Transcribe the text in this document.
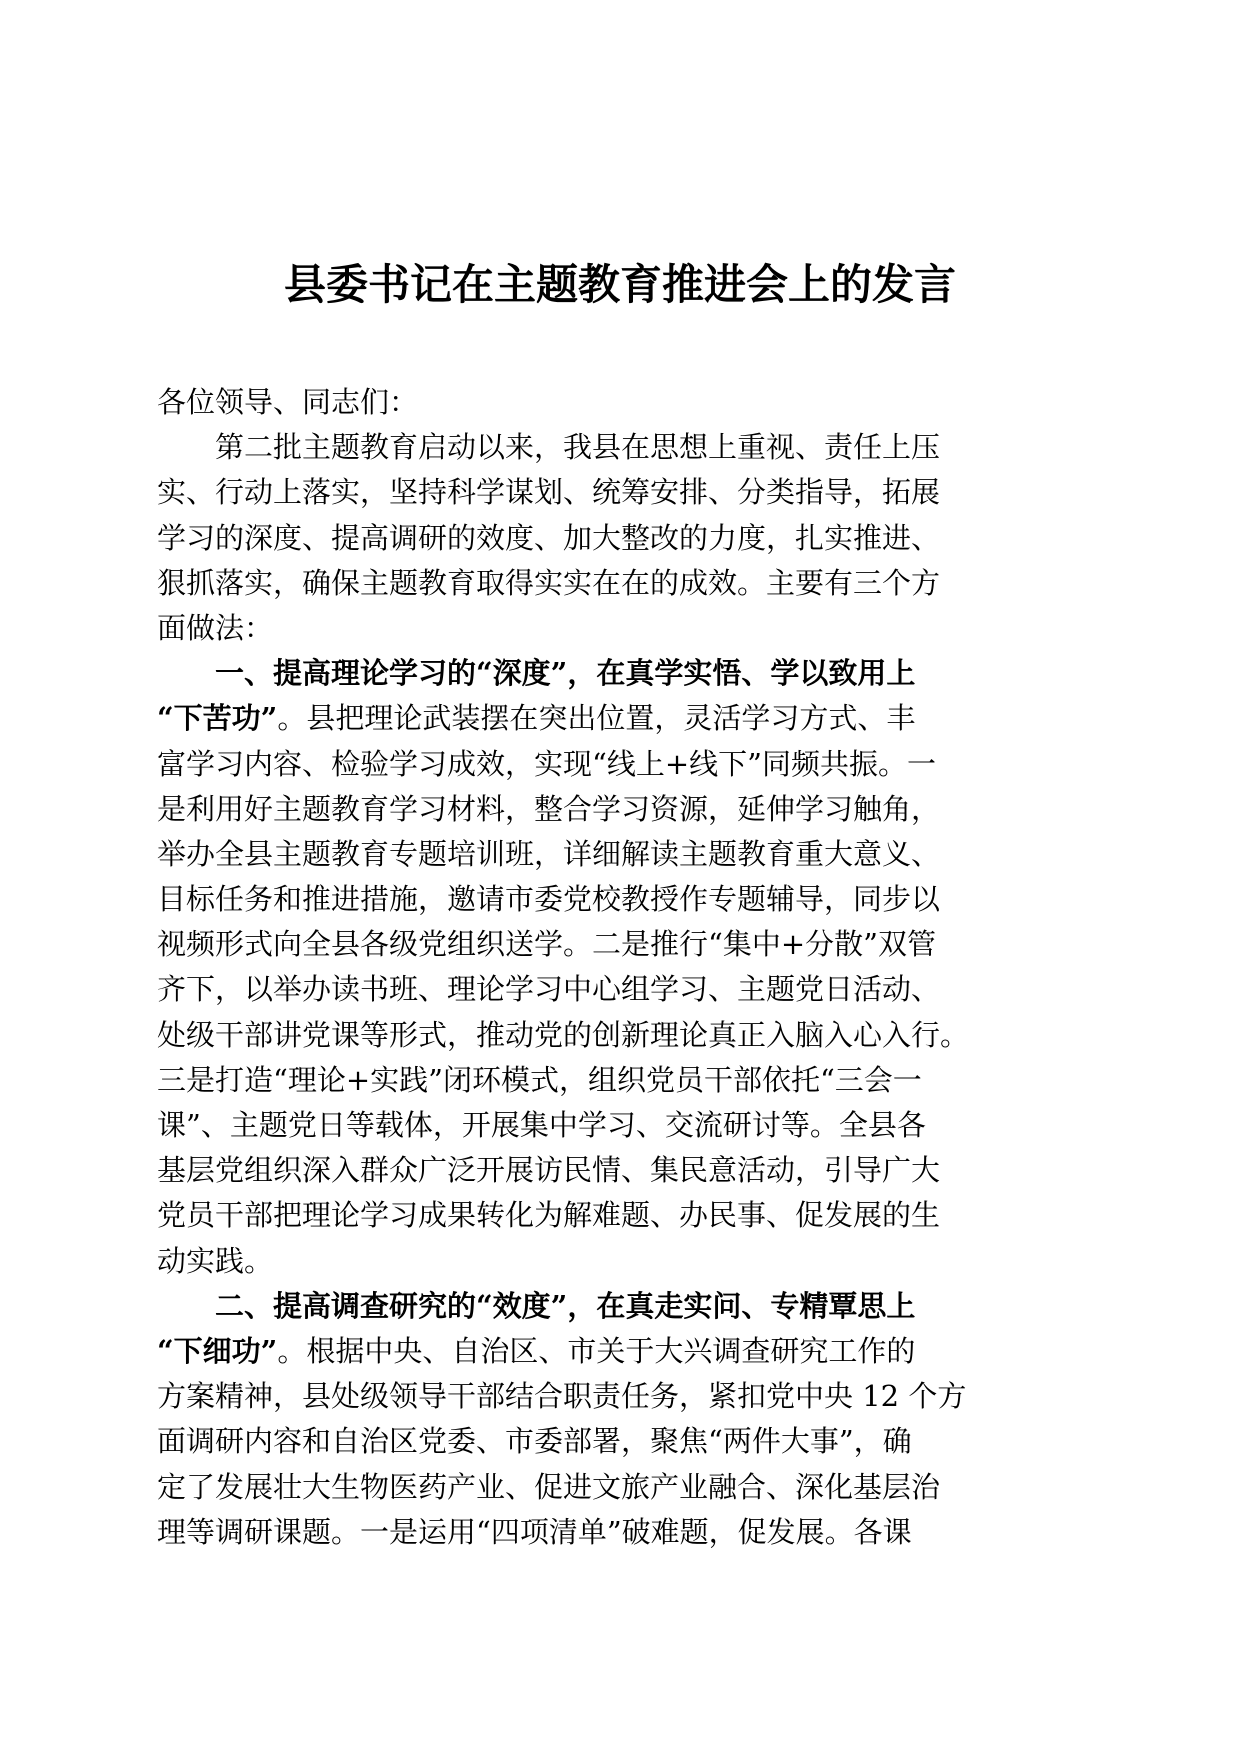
县委书记在主题教育推进会上的发言
各位领导、同志们：
第二批主题教育启动以来，我县在思想上重视、责任上压
实、行动上落实，坚持科学谋划、统筹安排、分类指导，拓展
学习的深度、提高调研的效度、加大整改的力度，扎实推进、
狠抓落实，确保主题教育取得实实在在的成效。主要有三个方
面做法：
一、提高理论学习的“深度”，在真学实悟、学以致用上
“下苦功”。县把理论武装摆在突出位置，灵活学习方式、丰
富学习内容、检验学习成效，实现“线上+线下”同频共振。一
是利用好主题教育学习材料，整合学习资源，延伸学习触角，
举办全县主题教育专题培训班，详细解读主题教育重大意义、
目标任务和推进措施，邀请市委党校教授作专题辅导，同步以
视频形式向全县各级党组织送学。二是推行“集中+分散”双管
齐下，以举办读书班、理论学习中心组学习、主题党日活动、
处级干部讲党课等形式，推动党的创新理论真正入脑入心入行。
三是打造“理论+实践”闭环模式，组织党员干部依托“三会一
课”、主题党日等载体，开展集中学习、交流研讨等。全县各
基层党组织深入群众广泛开展访民情、集民意活动，引导广大
党员干部把理论学习成果转化为解难题、办民事、促发展的生
动实践。
二、提高调查研究的“效度”，在真走实问、专精覃思上
“下细功”。根据中央、自治区、市关于大兴调查研究工作的
方案精神，县处级领导干部结合职责任务，紧扣党中央 12 个方
面调研内容和自治区党委、市委部署，聚焦“两件大事”，确
定了发展壮大生物医药产业、促进文旅产业融合、深化基层治
理等调研课题。一是运用“四项清单”破难题，促发展。各课
